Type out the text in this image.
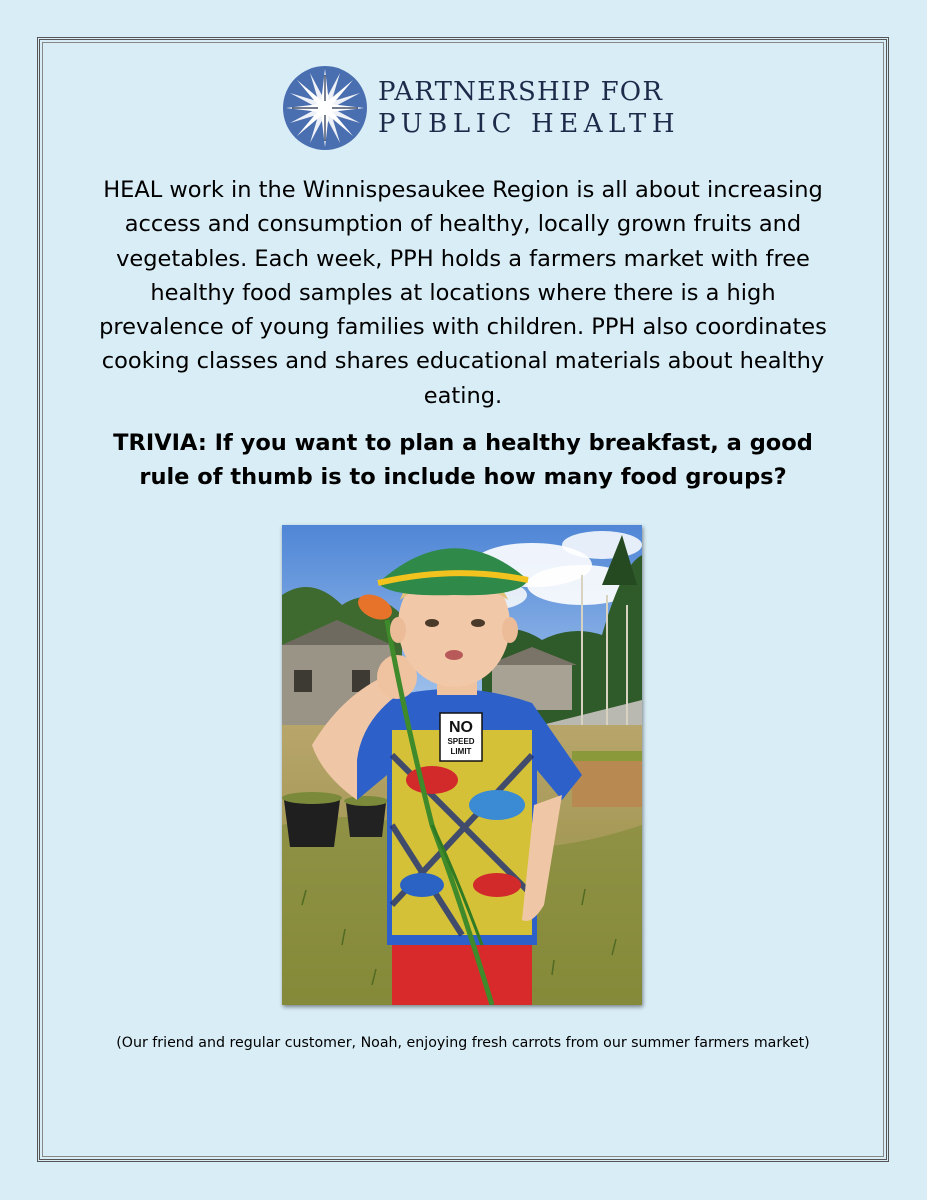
PARTNERSHIP FOR
PUBLIC HEALTH

HEAL work in the Winnispesaukee Region is all about increasing access and consumption of healthy, locally grown fruits and vegetables. Each week, PPH holds a farmers market with free healthy food samples at locations where there is a high prevalence of young families with children. PPH also coordinates cooking classes and shares educational materials about healthy eating.

TRIVIA: If you want to plan a healthy breakfast, a good rule of thumb is to include how many food groups?

NO
SPEED
LIMIT

(Our friend and regular customer, Noah, enjoying fresh carrots from our summer farmers market)
